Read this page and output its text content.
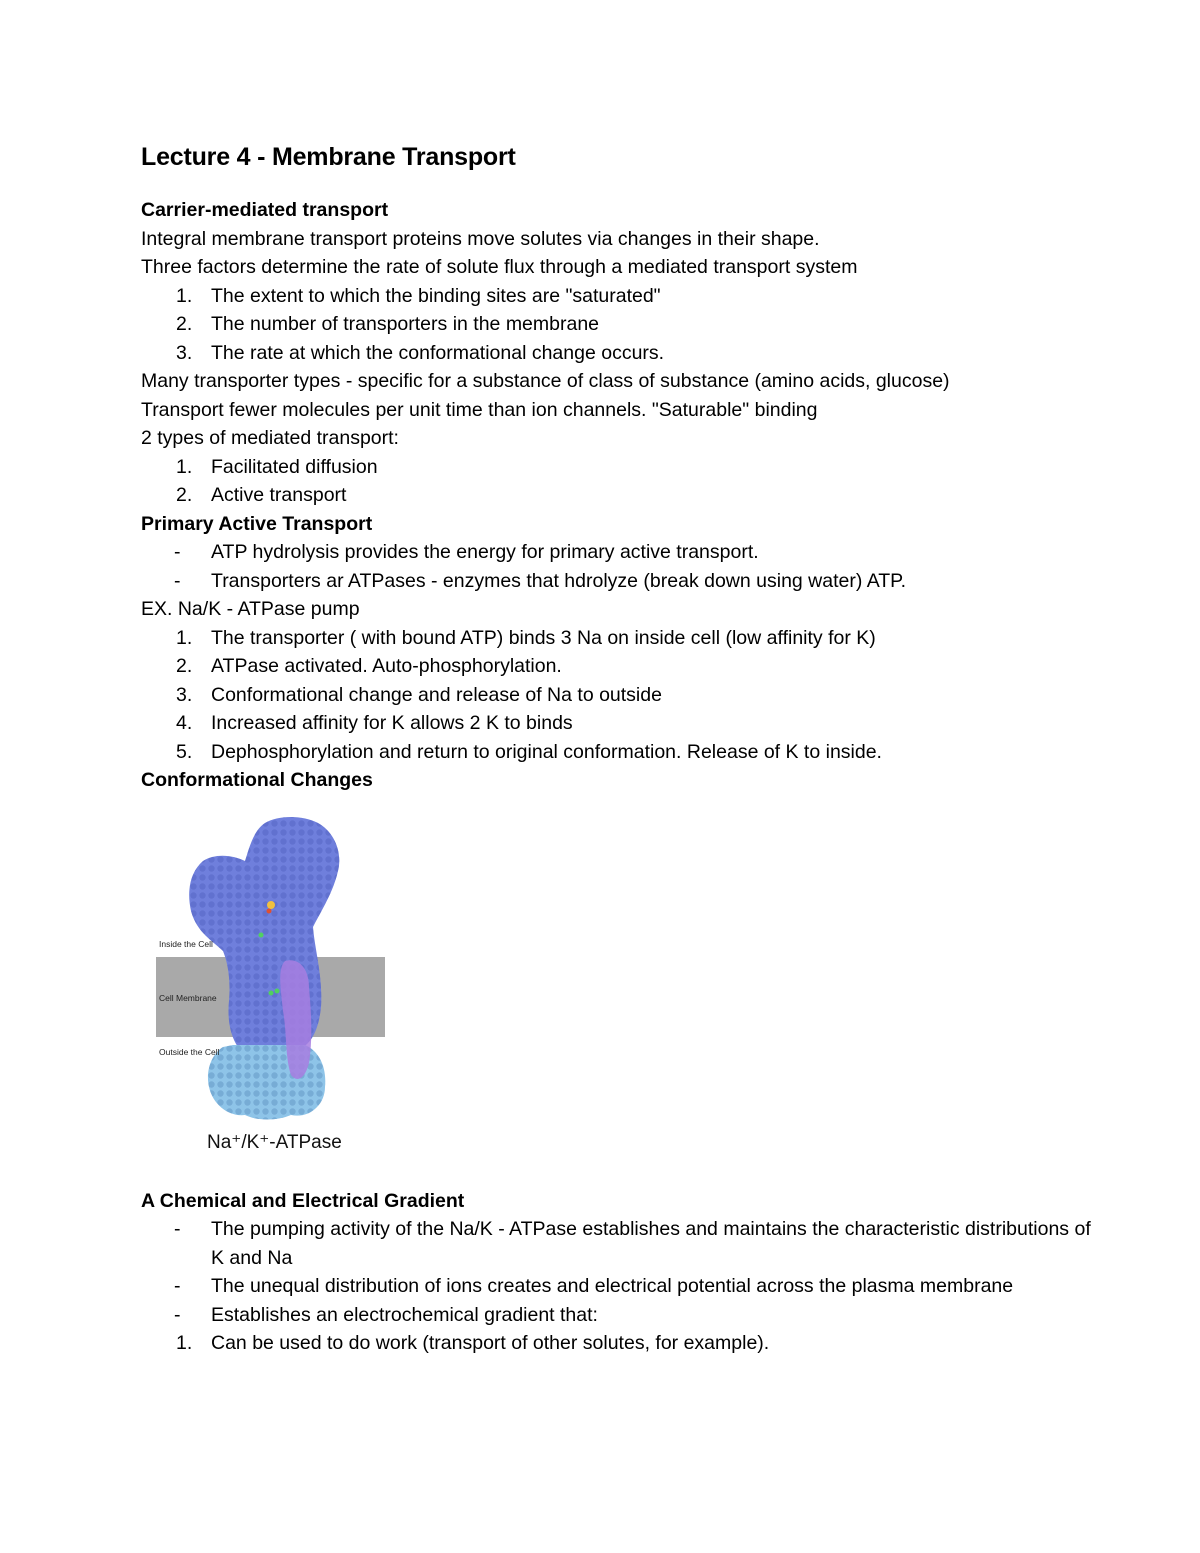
Lecture 4 - Membrane Transport
Carrier-mediated transport
Integral membrane transport proteins move solutes via changes in their shape.
Three factors determine the rate of solute flux through a mediated transport system
1. The extent to which the binding sites are "saturated"
2. The number of transporters in the membrane
3. The rate at which the conformational change occurs.
Many transporter types - specific for a substance of class of substance (amino acids, glucose)
Transport fewer molecules per unit time than ion channels. "Saturable" binding
2 types of mediated transport:
1. Facilitated diffusion
2. Active transport
Primary Active Transport
- ATP hydrolysis provides the energy for primary active transport.
- Transporters ar ATPases - enzymes that hdrolyze (break down using water) ATP.
EX. Na/K - ATPase pump
1. The transporter ( with bound ATP) binds 3 Na on inside cell (low affinity for K)
2. ATPase activated. Auto-phosphorylation.
3. Conformational change and release of Na to outside
4. Increased affinity for K allows 2 K to binds
5. Dephosphorylation and return to original conformation. Release of K to inside.
Conformational Changes
Inside the Cell
Cell Membrane
Outside the Cell
Na⁺/K⁺-ATPase
A Chemical and Electrical Gradient
- The pumping activity of the Na/K - ATPase establishes and maintains the characteristic distributions of K and Na
- The unequal distribution of ions creates and electrical potential across the plasma membrane
- Establishes an electrochemical gradient that:
1. Can be used to do work (transport of other solutes, for example).
